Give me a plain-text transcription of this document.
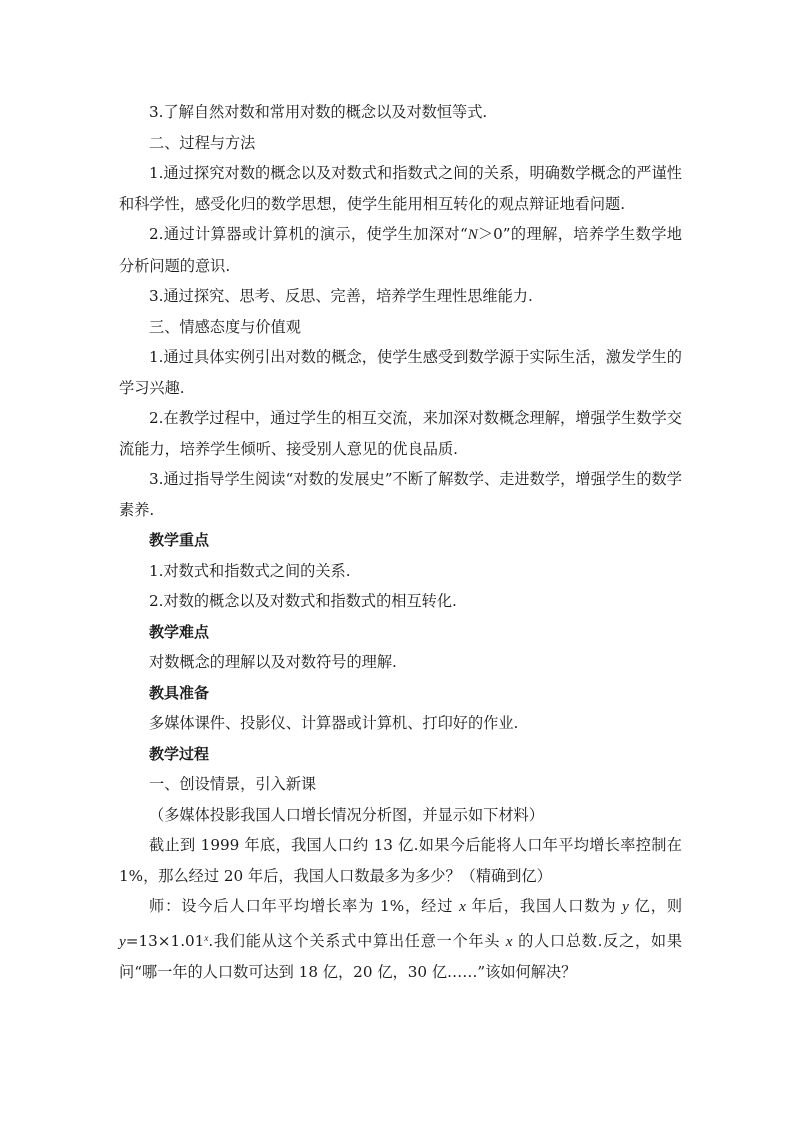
3.了解自然对数和常用对数的概念以及对数恒等式.

二、过程与方法

1.通过探究对数的概念以及对数式和指数式之间的关系，明确数学概念的严谨性和科学性，感受化归的数学思想，使学生能用相互转化的观点辩证地看问题.

2.通过计算器或计算机的演示，使学生加深对“N＞0”的理解，培养学生数学地分析问题的意识.

3.通过探究、思考、反思、完善，培养学生理性思维能力.

三、情感态度与价值观

1.通过具体实例引出对数的概念，使学生感受到数学源于实际生活，激发学生的学习兴趣.

2.在教学过程中，通过学生的相互交流，来加深对数概念理解，增强学生数学交流能力，培养学生倾听、接受别人意见的优良品质.

3.通过指导学生阅读“对数的发展史”不断了解数学、走进数学，增强学生的数学素养.

教学重点

1.对数式和指数式之间的关系.

2.对数的概念以及对数式和指数式的相互转化.

教学难点

对数概念的理解以及对数符号的理解.

教具准备

多媒体课件、投影仪、计算器或计算机、打印好的作业.

教学过程

一、创设情景，引入新课

（多媒体投影我国人口增长情况分析图，并显示如下材料）

截止到 1999 年底，我国人口约 13 亿.如果今后能将人口年平均增长率控制在 1%，那么经过 20 年后，我国人口数最多为多少？（精确到亿）

师：设今后人口年平均增长率为 1%，经过 x 年后，我国人口数为 y 亿，则 $y=13\times 1.01^x$.我们能从这个关系式中算出任意一个年头 x 的人口总数.反之，如果问“哪一年的人口数可达到 18 亿，20 亿，30 亿……”该如何解决？
